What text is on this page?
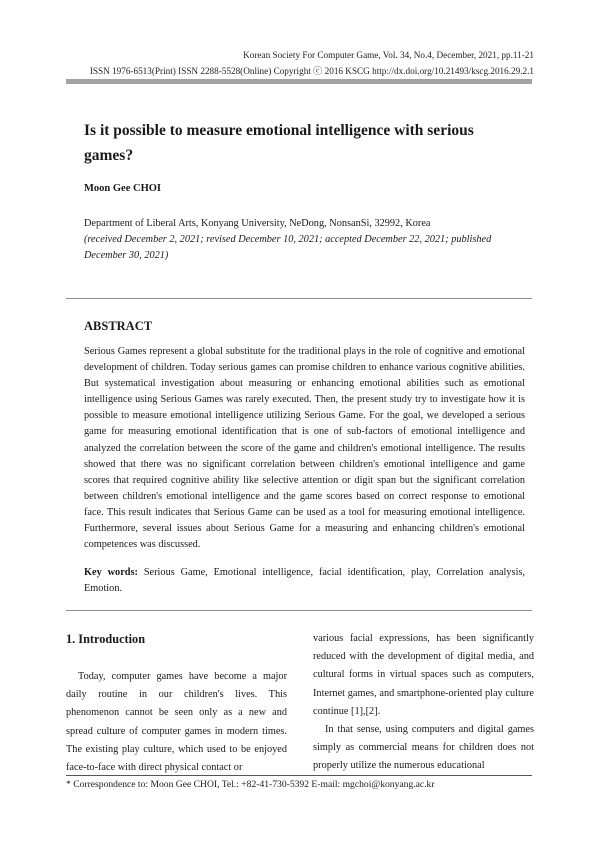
Korean Society For Computer Game, Vol. 34, No.4, December, 2021, pp.11-21
ISSN 1976-6513(Print) ISSN 2288-5528(Online) Copyright ⓒ 2016 KSCG http://dx.doi.org/10.21493/kscg.2016.29.2.1
Is it possible to measure emotional intelligence with serious games?
Moon Gee CHOI
Department of Liberal Arts, Konyang University, NeDong, NonsanSi, 32992, Korea
(received December 2, 2021; revised December 10, 2021; accepted December 22, 2021; published December 30, 2021)
ABSTRACT
Serious Games represent a global substitute for the traditional plays in the role of cognitive and emotional development of children. Today serious games can promise children to enhance various cognitive abilities. But systematical investigation about measuring or enhancing emotional abilities such as emotional intelligence using Serious Games was rarely executed. Then, the present study try to investigate how it is possible to measure emotional intelligence utilizing Serious Game. For the goal, we developed a serious game for measuring emotional identification that is one of sub-factors of emotional intelligence and analyzed the correlation between the score of the game and children's emotional intelligence. The results showed that there was no significant correlation between children's emotional intelligence and game scores that required cognitive ability like selective attention or digit span but the significant correlation between children's emotional intelligence and the game scores based on correct response to emotional face. This result indicates that Serious Game can be used as a tool for measuring emotional intelligence. Furthermore, several issues about Serious Game for a measuring and enhancing children's emotional competences was discussed.
Key words: Serious Game, Emotional intelligence, facial identification, play, Correlation analysis, Emotion.
1. Introduction
Today, computer games have become a major daily routine in our children's lives. This phenomenon cannot be seen only as a new and spread culture of computer games in modern times. The existing play culture, which used to be enjoyed face-to-face with direct physical contact or

various facial expressions, has been significantly reduced with the development of digital media, and cultural forms in virtual spaces such as computers, Internet games, and smartphone-oriented play culture continue [1],[2].

In that sense, using computers and digital games simply as commercial means for children does not properly utilize the numerous educational

* Correspondence to: Moon Gee CHOI, Tel.: +82-41-730-5392 E-mail: mgchoi@konyang.ac.kr
